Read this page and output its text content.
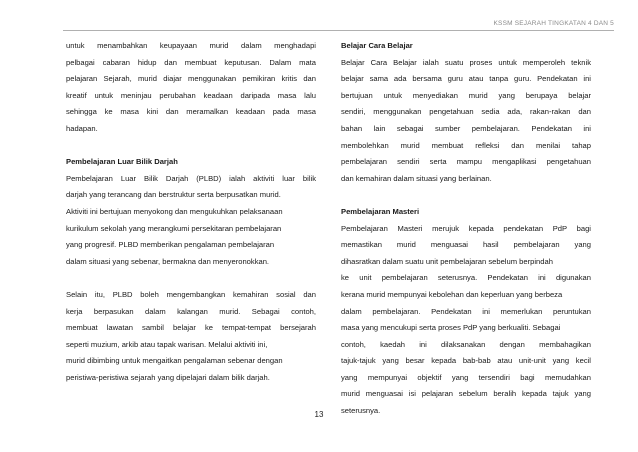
KSSM SEJARAH TINGKATAN 4 DAN 5
untuk menambahkan keupayaan murid dalam menghadapi
pelbagai cabaran hidup dan membuat keputusan. Dalam mata
pelajaran Sejarah, murid diajar menggunakan pemikiran kritis dan
kreatif untuk meninjau perubahan keadaan daripada masa lalu
sehingga ke masa kini dan meramalkan keadaan pada masa
hadapan.
Pembelajaran Luar Bilik Darjah
Pembelajaran Luar Bilik Darjah (PLBD) ialah aktiviti luar bilik
darjah yang terancang dan berstruktur serta berpusatkan murid.
Aktiviti ini bertujuan menyokong dan mengukuhkan pelaksanaan
kurikulum sekolah yang merangkumi persekitaran pembelajaran
yang progresif. PLBD memberikan pengalaman pembelajaran
dalam situasi yang sebenar, bermakna dan menyeronokkan.
Selain itu, PLBD boleh mengembangkan kemahiran sosial dan
kerja berpasukan dalam kalangan murid. Sebagai contoh,
membuat lawatan sambil belajar ke tempat-tempat bersejarah
seperti muzium, arkib atau tapak warisan. Melalui aktiviti ini,
murid dibimbing untuk mengaitkan pengalaman sebenar dengan
peristiwa-peristiwa sejarah yang dipelajari dalam bilik darjah.
Belajar Cara Belajar
Belajar Cara Belajar ialah suatu proses untuk memperoleh teknik
belajar sama ada bersama guru atau tanpa guru. Pendekatan ini
bertujuan untuk menyediakan murid yang berupaya belajar
sendiri, menggunakan pengetahuan sedia ada, rakan-rakan dan
bahan lain sebagai sumber pembelajaran. Pendekatan ini
membolehkan murid membuat refleksi dan menilai tahap
pembelajaran sendiri serta mampu mengaplikasi pengetahuan
dan kemahiran dalam situasi yang berlainan.
Pembelajaran Masteri
Pembelajaran Masteri merujuk kepada pendekatan PdP bagi
memastikan murid menguasai hasil pembelajaran yang
dihasratkan dalam suatu unit pembelajaran sebelum berpindah
ke unit pembelajaran seterusnya. Pendekatan ini digunakan
kerana murid mempunyai kebolehan dan keperluan yang berbeza
dalam pembelajaran. Pendekatan ini memerlukan peruntukan
masa yang mencukupi serta proses PdP yang berkualiti. Sebagai
contoh, kaedah ini dilaksanakan dengan membahagikan
tajuk-tajuk yang besar kepada bab-bab atau unit-unit yang kecil
yang mempunyai objektif yang tersendiri bagi memudahkan
murid menguasai isi pelajaran sebelum beralih kepada tajuk yang
seterusnya.
13
